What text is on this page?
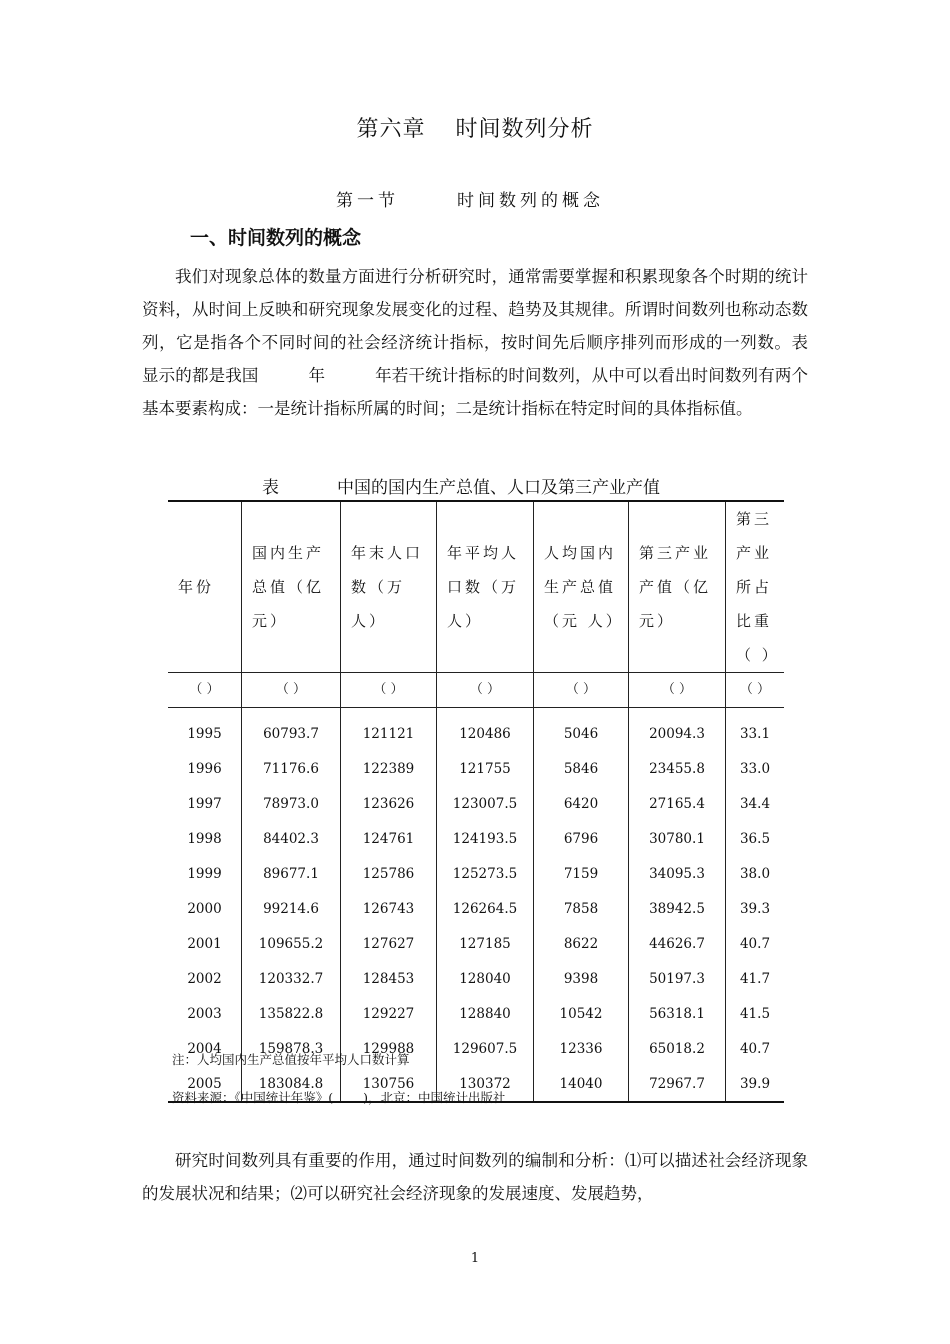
第六章 时间数列分析
第一节	时间数列的概念
一、时间数列的概念
我们对现象总体的数量方面进行分析研究时，通常需要掌握和积累现象各个时期的统计资料，从时间上反映和研究现象发展变化的过程、趋势及其规律。所谓时间数列也称动态数列，它是指各个不同时间的社会经济统计指标，按时间先后顺序排列而形成的一列数。表　　显示的都是我国　　　年　　　年若干统计指标的时间数列，从中可以看出时间数列有两个基本要素构成：一是统计指标所属的时间；二是统计指标在特定时间的具体指标值。
表	中国的国内生产总值、人口及第三产业产值
年份	国内生产总值（亿元）	年末人口数（万人）	年平均人口数（万人）	人均国内生产总值（元 人）	第三产业产值（亿元）	第三产业所占比重（ ）
（ ）	（ ）	（ ）	（ ）	（ ）	（ ）	（ ）
1995	60793.7	121121	120486	5046	20094.3	33.1
1996	71176.6	122389	121755	5846	23455.8	33.0
1997	78973.0	123626	123007.5	6420	27165.4	34.4
1998	84402.3	124761	124193.5	6796	30780.1	36.5
1999	89677.1	125786	125273.5	7159	34095.3	38.0
2000	99214.6	126743	126264.5	7858	38942.5	39.3
2001	109655.2	127627	127185	8622	44626.7	40.7
2002	120332.7	128453	128040	9398	50197.3	41.7
2003	135822.8	129227	128840	10542	56318.1	41.5
2004	159878.3	129988	129607.5	12336	65018.2	40.7
2005	183084.8	130756	130372	14040	72967.7	39.9
注：人均国内生产总值按年平均人口数计算
资料来源：《中国统计年鉴》( )，北京：中国统计出版社
研究时间数列具有重要的作用，通过时间数列的编制和分析：⑴可以描述社会经济现象的发展状况和结果；⑵可以研究社会经济现象的发展速度、发展趋势，
1
